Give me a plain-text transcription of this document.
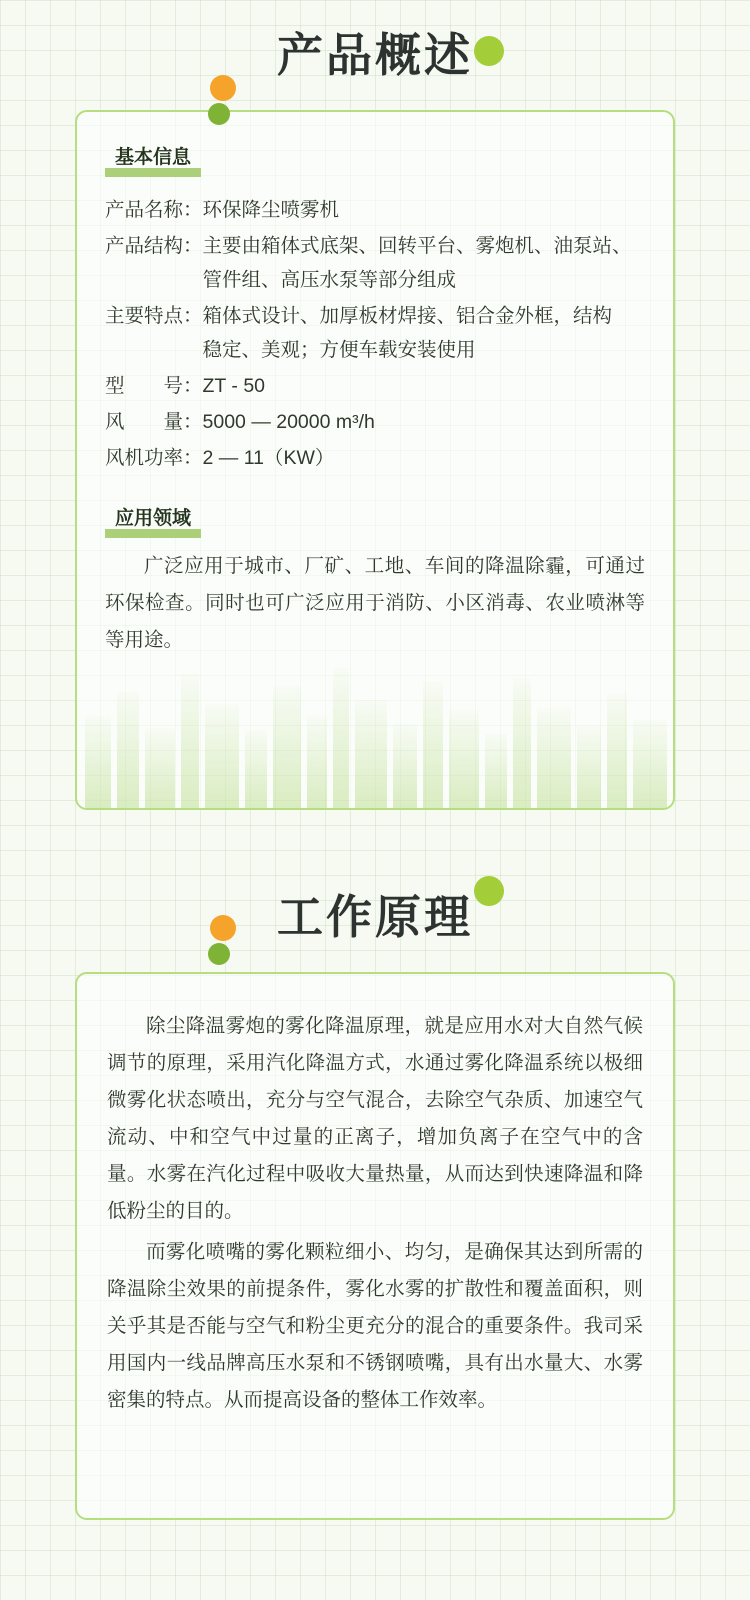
产品概述
基本信息
产品名称： 环保降尘喷雾机
产品结构： 主要由箱体式底架、回转平台、雾炮机、油泵站、
管件组、高压水泵等部分组成
主要特点： 箱体式设计、加厚板材焊接、铝合金外框，结构
稳定、美观；方便车载安装使用
型　　号： ZT - 50
风　　量： 5000 — 20000 m³/h
风机功率： 2 — 11（KW）
应用领域

广泛应用于城市、厂矿、工地、车间的降温除霾，可通过环保检查。同时也可广泛应用于消防、小区消毒、农业喷淋等等用途。

工作原理

除尘降温雾炮的雾化降温原理，就是应用水对大自然气候调节的原理，采用汽化降温方式，水通过雾化降温系统以极细微雾化状态喷出，充分与空气混合，去除空气杂质、加速空气流动、中和空气中过量的正离子，增加负离子在空气中的含量。水雾在汽化过程中吸收大量热量，从而达到快速降温和降低粉尘的目的。

而雾化喷嘴的雾化颗粒细小、均匀，是确保其达到所需的降温除尘效果的前提条件，雾化水雾的扩散性和覆盖面积，则关乎其是否能与空气和粉尘更充分的混合的重要条件。我司采用国内一线品牌高压水泵和不锈钢喷嘴，具有出水量大、水雾密集的特点。从而提高设备的整体工作效率。
